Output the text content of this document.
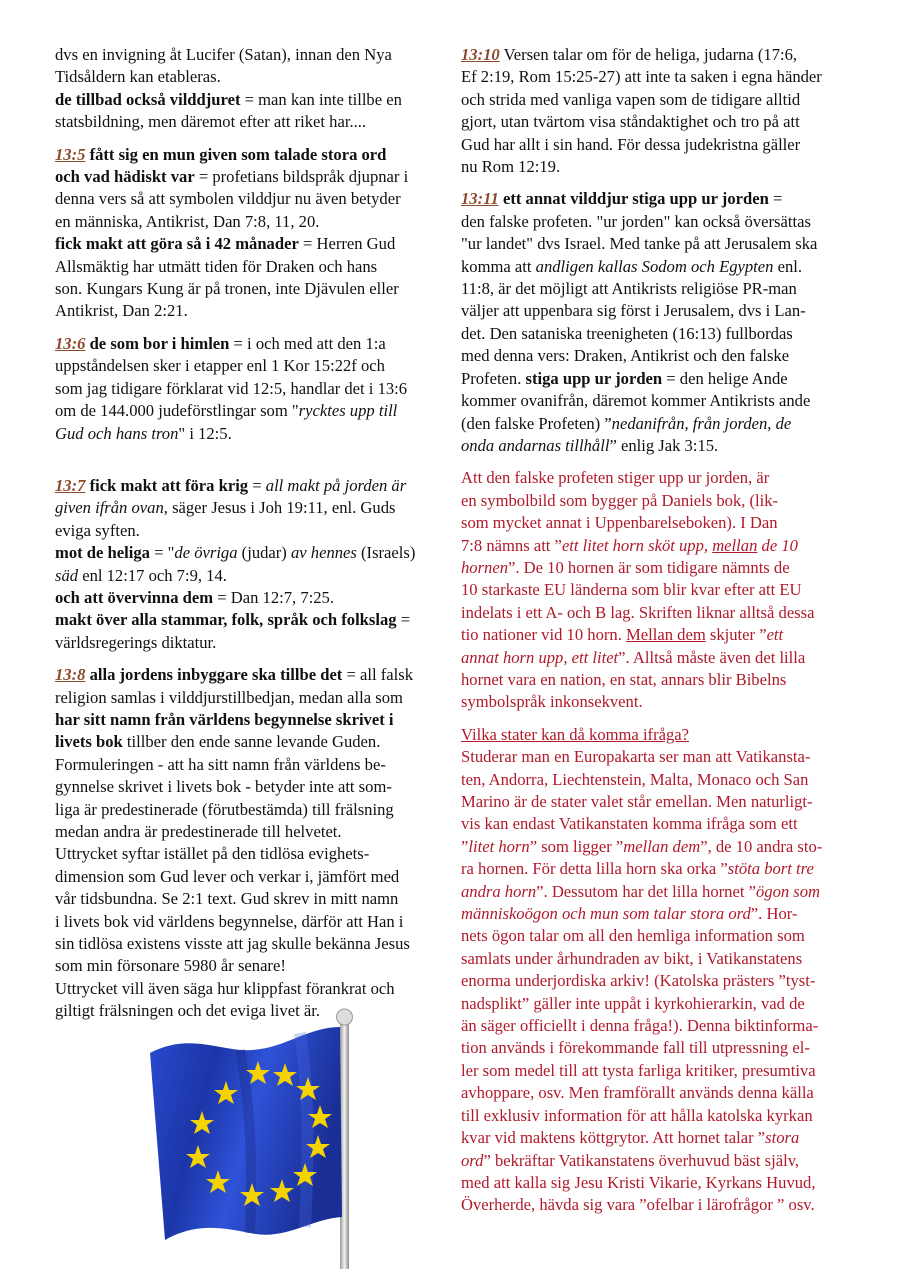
dvs en invigning åt Lucifer (Satan), innan den Nya
Tidsåldern kan etableras.
de tillbad också vilddjuret = man kan inte tillbe en
statsbildning, men däremot efter att riket har....
13:5 fått sig en mun given som talade stora ord
och vad hädiskt var = profetians bildspråk djupnar i
denna vers så att symbolen vilddjur nu även betyder
en människa, Antikrist, Dan 7:8, 11, 20.
fick makt att göra så i 42 månader = Herren Gud
Allsmäktig har utmätt tiden för Draken och hans
son. Kungars Kung är på tronen, inte Djävulen eller
Antikrist, Dan 2:21.
13:6 de som bor i himlen = i och med att den 1:a
uppståndelsen sker i etapper enl 1 Kor 15:22f och
som jag tidigare förklarat vid 12:5, handlar det i 13:6
om de 144.000 judeförstlingar som "rycktes upp till
Gud och hans tron" i 12:5.
13:7 fick makt att föra krig = all makt på jorden är
given ifrån ovan, säger Jesus i Joh 19:11, enl. Guds
eviga syften.
mot de heliga = "de övriga (judar) av hennes (Israels)
säd enl 12:17 och 7:9, 14.
och att övervinna dem = Dan 12:7, 7:25.
makt över alla stammar, folk, språk och folkslag =
världsregerings diktatur.
13:8 alla jordens inbyggare ska tillbe det = all falsk
religion samlas i vilddjurstillbedjan, medan alla som
har sitt namn från världens begynnelse skrivet i
livets bok tillber den ende sanne levande Guden.
Formuleringen - att ha sitt namn från världens be-
gynnelse skrivet i livets bok - betyder inte att som-
liga är predestinerade (förutbestämda) till frälsning
medan andra är predestinerade till helvetet.
Uttrycket syftar istället på den tidlösa evighets-
dimension som Gud lever och verkar i, jämfört med
vår tidsbundna. Se 2:1 text. Gud skrev in mitt namn
i livets bok vid världens begynnelse, därför att Han i
sin tidlösa existens visste att jag skulle bekänna Jesus
som min försonare 5980 år senare!
Uttrycket vill även säga hur klippfast förankrat och
giltigt frälsningen och det eviga livet är.
13:10 Versen talar om för de heliga, judarna (17:6,
Ef 2:19, Rom 15:25-27) att inte ta saken i egna händer
och strida med vanliga vapen som de tidigare alltid
gjort, utan tvärtom visa ståndaktighet och tro på att
Gud har allt i sin hand. För dessa judekristna gäller
nu Rom 12:19.
13:11 ett annat vilddjur stiga upp ur jorden =
den falske profeten. "ur jorden" kan också översättas
"ur landet" dvs Israel. Med tanke på att Jerusalem ska
komma att andligen kallas Sodom och Egypten enl.
11:8, är det möjligt att Antikrists religiöse PR-man
väljer att uppenbara sig först i Jerusalem, dvs i Lan-
det. Den sataniska treenigheten (16:13) fullbordas
med denna vers: Draken, Antikrist och den falske
Profeten. stiga upp ur jorden = den helige Ande
kommer ovanifrån, däremot kommer Antikrists ande
(den falske Profeten) ”nedanifrån, från jorden, de
onda andarnas tillhåll” enlig Jak 3:15.
Att den falske profeten stiger upp ur jorden, är
en symbolbild som bygger på Daniels bok, (lik-
som mycket annat i Uppenbarelseboken). I Dan
7:8 nämns att ”ett litet horn sköt upp, mellan de 10
hornen”. De 10 hornen är som tidigare nämnts de
10 starkaste EU länderna som blir kvar efter att EU
indelats i ett A- och B lag. Skriften liknar alltså dessa
tio nationer vid 10 horn. Mellan dem skjuter ”ett
annat horn upp, ett litet”. Alltså måste även det lilla
hornet vara en nation, en stat, annars blir Bibelns
symbolspråk inkonsekvent.
Vilka stater kan då komma ifråga?
Studerar man en Europakarta ser man att Vatikansta-
ten, Andorra, Liechtenstein, Malta, Monaco och San
Marino är de stater valet står emellan. Men naturligt-
vis kan endast Vatikanstaten komma ifråga som ett
”litet horn” som ligger ”mellan dem”, de 10 andra sto-
ra hornen. För detta lilla horn ska orka ”stöta bort tre
andra horn”. Dessutom har det lilla hornet ”ögon som
människoögon och mun som talar stora ord”. Hor-
nets ögon talar om all den hemliga information som
samlats under århundraden av bikt, i Vatikanstatens
enorma underjordiska arkiv! (Katolska prästers ”tyst-
nadsplikt” gäller inte uppåt i kyrkohierarkin, vad de
än säger officiellt i denna fråga!). Denna biktinforma-
tion används i förekommande fall till utpressning el-
ler som medel till att tysta farliga kritiker, presumtiva
avhoppare, osv. Men framförallt används denna källa
till exklusiv information för att hålla katolska kyrkan
kvar vid maktens köttgrytor. Att hornet talar ”stora
ord” bekräftar Vatikanstatens överhuvud bäst själv,
med att kalla sig Jesu Kristi Vikarie, Kyrkans Huvud,
Överherde, hävda sig vara ”ofelbar i lärofrågor ” osv.
